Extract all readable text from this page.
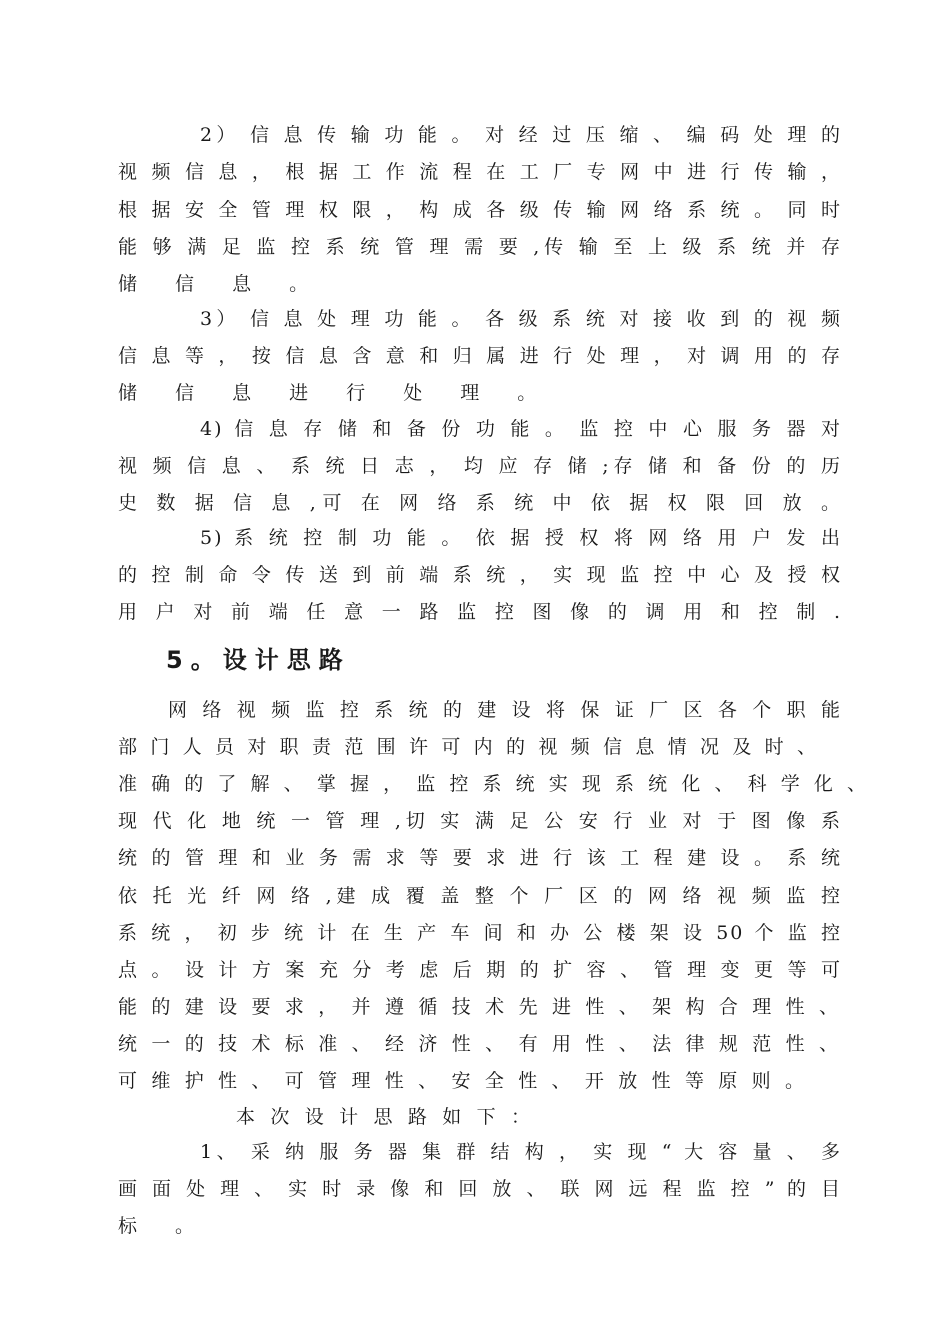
2） 信 息 传 输 功 能 。 对 经 过 压 缩 、 编 码 处 理 的
视 频 信 息 ， 根 据 工 作 流 程 在 工 厂 专 网 中 进 行 传 输 ，
根 据 安 全 管 理 权 限 ， 构 成 各 级 传 输 网 络 系 统 。 同 时
能 够 满 足 监 控 系 统 管 理 需 要 ,传 输 至 上 级 系 统 并 存
储 信 息 。
3） 信 息 处 理 功 能 。 各 级 系 统 对 接 收 到 的 视 频
信 息 等 ， 按 信 息 含 意 和 归 属 进 行 处 理 ， 对 调 用 的 存
储 信 息 进 行 处 理 。
4) 信 息 存 储 和 备 份 功 能 。 监 控 中 心 服 务 器 对
视 频 信 息 、 系 统 日 志 ， 均 应 存 储 ;存 储 和 备 份 的 历
史 数 据 信 息 ,可 在 网 络 系 统 中 依 据 权 限 回 放 。
5) 系 统 控 制 功 能 。 依 据 授 权 将 网 络 用 户 发 出
的 控 制 命 令 传 送 到 前 端 系 统 ， 实 现 监 控 中 心 及 授 权
用 户 对 前 端 任 意 一 路 监 控 图 像 的 调 用 和 控 制 .
5。设计思路
网 络 视 频 监 控 系 统 的 建 设 将 保 证 厂 区 各 个 职 能
部 门 人 员 对 职 责 范 围 许 可 内 的 视 频 信 息 情 况 及 时 、
准 确 的 了 解 、 掌 握 ， 监 控 系 统 实 现 系 统 化 、 科 学 化 、
现 代 化 地 统 一 管 理 ,切 实 满 足 公 安 行 业 对 于 图 像 系
统 的 管 理 和 业 务 需 求 等 要 求 进 行 该 工 程 建 设 。 系 统
依 托 光 纤 网 络 ,建 成 覆 盖 整 个 厂 区 的 网 络 视 频 监 控
系 统 ， 初 步 统 计 在 生 产 车 间 和 办 公 楼 架 设 50 个 监 控
点 。 设 计 方 案 充 分 考 虑 后 期 的 扩 容 、 管 理 变 更 等 可
能 的 建 设 要 求 ， 并 遵 循 技 术 先 进 性 、 架 构 合 理 性 、
统 一 的 技 术 标 准 、 经 济 性 、 有 用 性 、 法 律 规 范 性 、
可 维 护 性 、 可 管 理 性 、 安 全 性 、 开 放 性 等 原 则 。
本 次 设 计 思 路 如 下 ：
1、 采 纳 服 务 器 集 群 结 构 ， 实 现 “ 大 容 量 、 多
画 面 处 理 、 实 时 录 像 和 回 放 、 联 网 远 程 监 控 ” 的 目
标 。
